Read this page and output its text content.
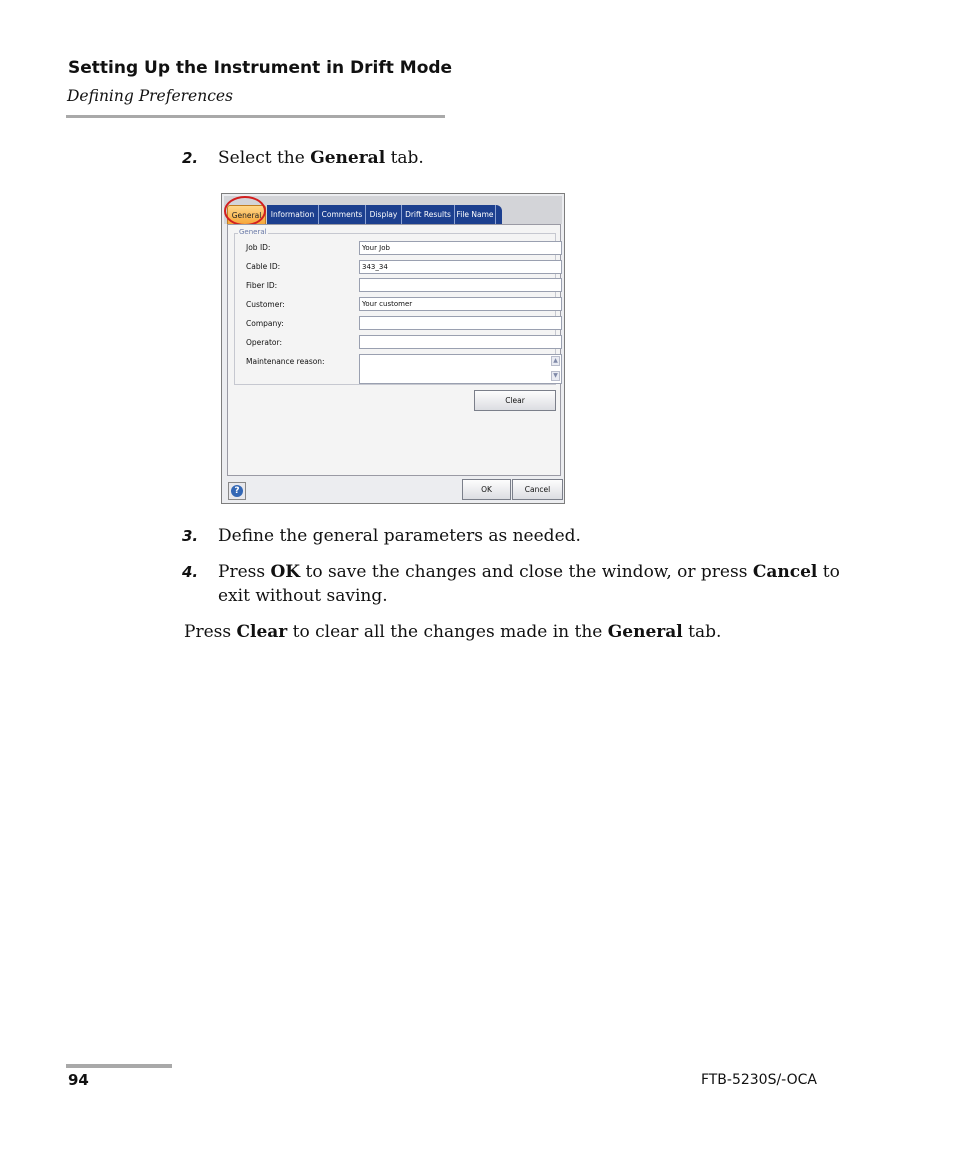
Setting Up the Instrument in Drift Mode
Defining Preferences
2. Select the General tab.
General	Information Comments Display	Drift Results File Name
Job ID:	Your Job
Cable ID:	343_34
Fiber ID:
Customer:	Your customer
Company:
Operator:
Maintenance reason:	▲
▼
General
Clear
?	OK	Cancel
3. Define the general parameters as needed.
4. Press OK to save the changes and close the window, or press Cancel to
exit without saving.
Press Clear to clear all the changes made in the General tab.
94	FTB-5230S/-OCA
